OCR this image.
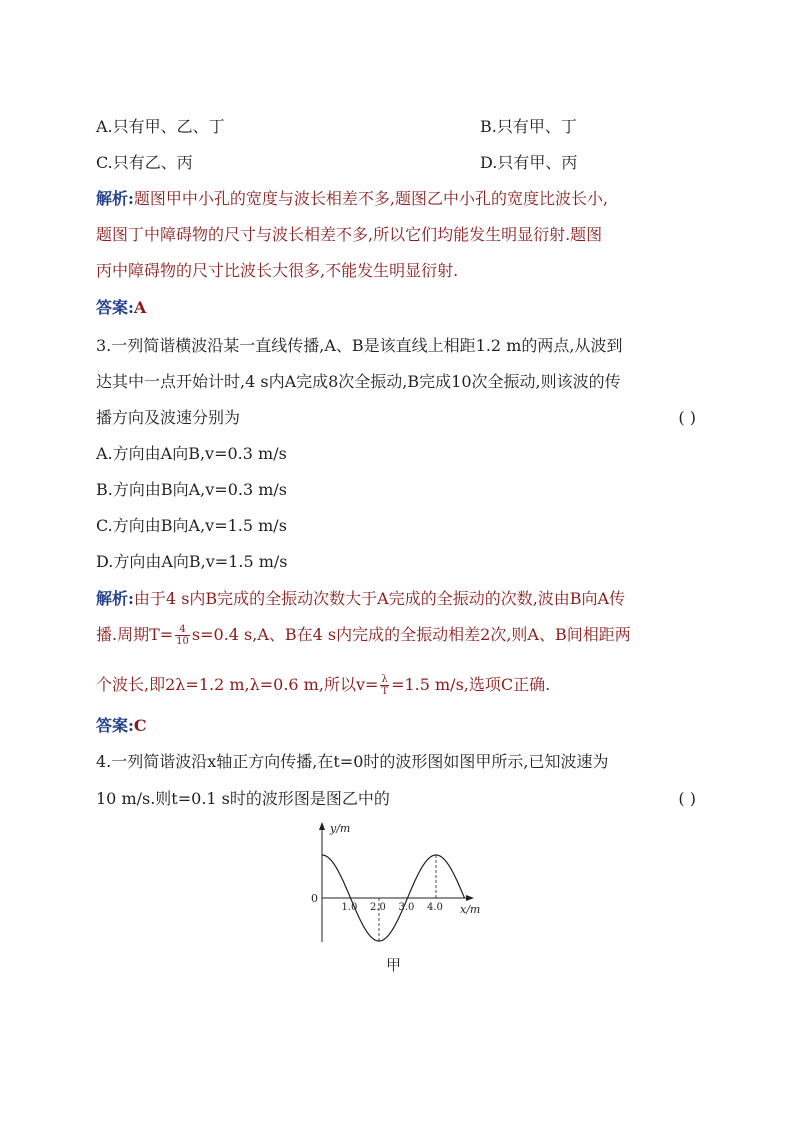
A.只有甲、乙、丁	B.只有甲、丁
C.只有乙、丙	D.只有甲、丙
解析:题图甲中小孔的宽度与波长相差不多,题图乙中小孔的宽度比波长小,
题图丁中障碍物的尺寸与波长相差不多,所以它们均能发生明显衍射.题图
丙中障碍物的尺寸比波长大很多,不能发生明显衍射.
答案:A
3.一列简谐横波沿某一直线传播,A、B是该直线上相距1.2 m的两点,从波到
达其中一点开始计时,4 s内A完成8次全振动,B完成10次全振动,则该波的传
播方向及波速分别为	( )
A.方向由A向B,v=0.3 m/s
B.方向由B向A,v=0.3 m/s
C.方向由B向A,v=1.5 m/s
D.方向由A向B,v=1.5 m/s
解析:由于4 s内B完成的全振动次数大于A完成的全振动的次数,波由B向A传
播.周期$T= \frac{4}{10} s=0.4$ s,A、B在4 s内完成的全振动相差2次,则A、B间相距两
个波长,即2λ=1.2 m,λ=0.6 m,所以$v= \frac{\lambda}{T} =1.5$ m/s,选项C正确.
答案:C
4.一列简谐波沿x轴正方向传播,在t=0时的波形图如图甲所示,已知波速为
10 m/s.则t=0.1 s时的波形图是图乙中的	( )
y/m
x/m
0
1.0 2.0 3.0 4.0
甲
